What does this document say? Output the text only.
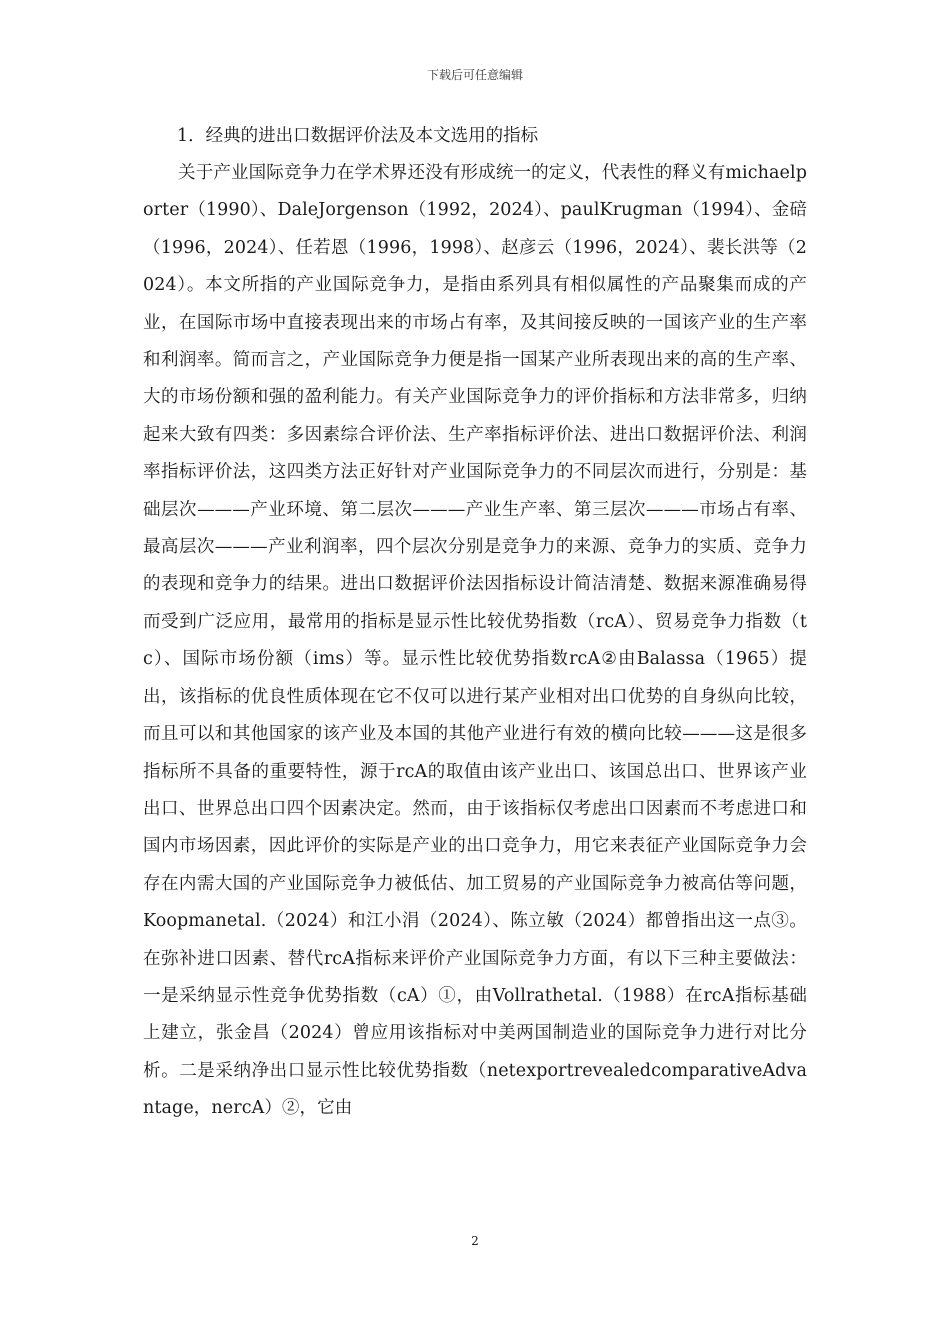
下载后可任意编辑

1．经典的进出口数据评价法及本文选用的指标

关于产业国际竞争力在学术界还没有形成统一的定义，代表性的释义有michaelporter（1990）、DaleJorgenson（1992，2024）、paulKrugman（1994）、金碚（1996，2024）、任若恩（1996，1998）、赵彦云（1996，2024）、裴长洪等（2024）。本文所指的产业国际竞争力，是指由系列具有相似属性的产品聚集而成的产业，在国际市场中直接表现出来的市场占有率，及其间接反映的一国该产业的生产率和利润率。简而言之，产业国际竞争力便是指一国某产业所表现出来的高的生产率、大的市场份额和强的盈利能力。有关产业国际竞争力的评价指标和方法非常多，归纳起来大致有四类：多因素综合评价法、生产率指标评价法、进出口数据评价法、利润率指标评价法，这四类方法正好针对产业国际竞争力的不同层次而进行，分别是：基础层次———产业环境、第二层次———产业生产率、第三层次———市场占有率、最高层次———产业利润率，四个层次分别是竞争力的来源、竞争力的实质、竞争力的表现和竞争力的结果。进出口数据评价法因指标设计简洁清楚、数据来源准确易得而受到广泛应用，最常用的指标是显示性比较优势指数（rcA）、贸易竞争力指数（tc）、国际市场份额（ims）等。显示性比较优势指数rcA②由Balassa（1965）提出，该指标的优良性质体现在它不仅可以进行某产业相对出口优势的自身纵向比较，而且可以和其他国家的该产业及本国的其他产业进行有效的横向比较———这是很多指标所不具备的重要特性，源于rcA的取值由该产业出口、该国总出口、世界该产业出口、世界总出口四个因素决定。然而，由于该指标仅考虑出口因素而不考虑进口和国内市场因素，因此评价的实际是产业的出口竞争力，用它来表征产业国际竞争力会存在内需大国的产业国际竞争力被低估、加工贸易的产业国际竞争力被高估等问题，Koopmanetal.（2024）和江小涓（2024）、陈立敏（2024）都曾指出这一点③。在弥补进口因素、替代rcA指标来评价产业国际竞争力方面，有以下三种主要做法：一是采纳显示性竞争优势指数（cA）①，由Vollrathetal.（1988）在rcA指标基础上建立，张金昌（2024）曾应用该指标对中美两国制造业的国际竞争力进行对比分析。二是采纳净出口显示性比较优势指数（netexportrevealedcomparativeAdvantage，nercA）②，它由

2
